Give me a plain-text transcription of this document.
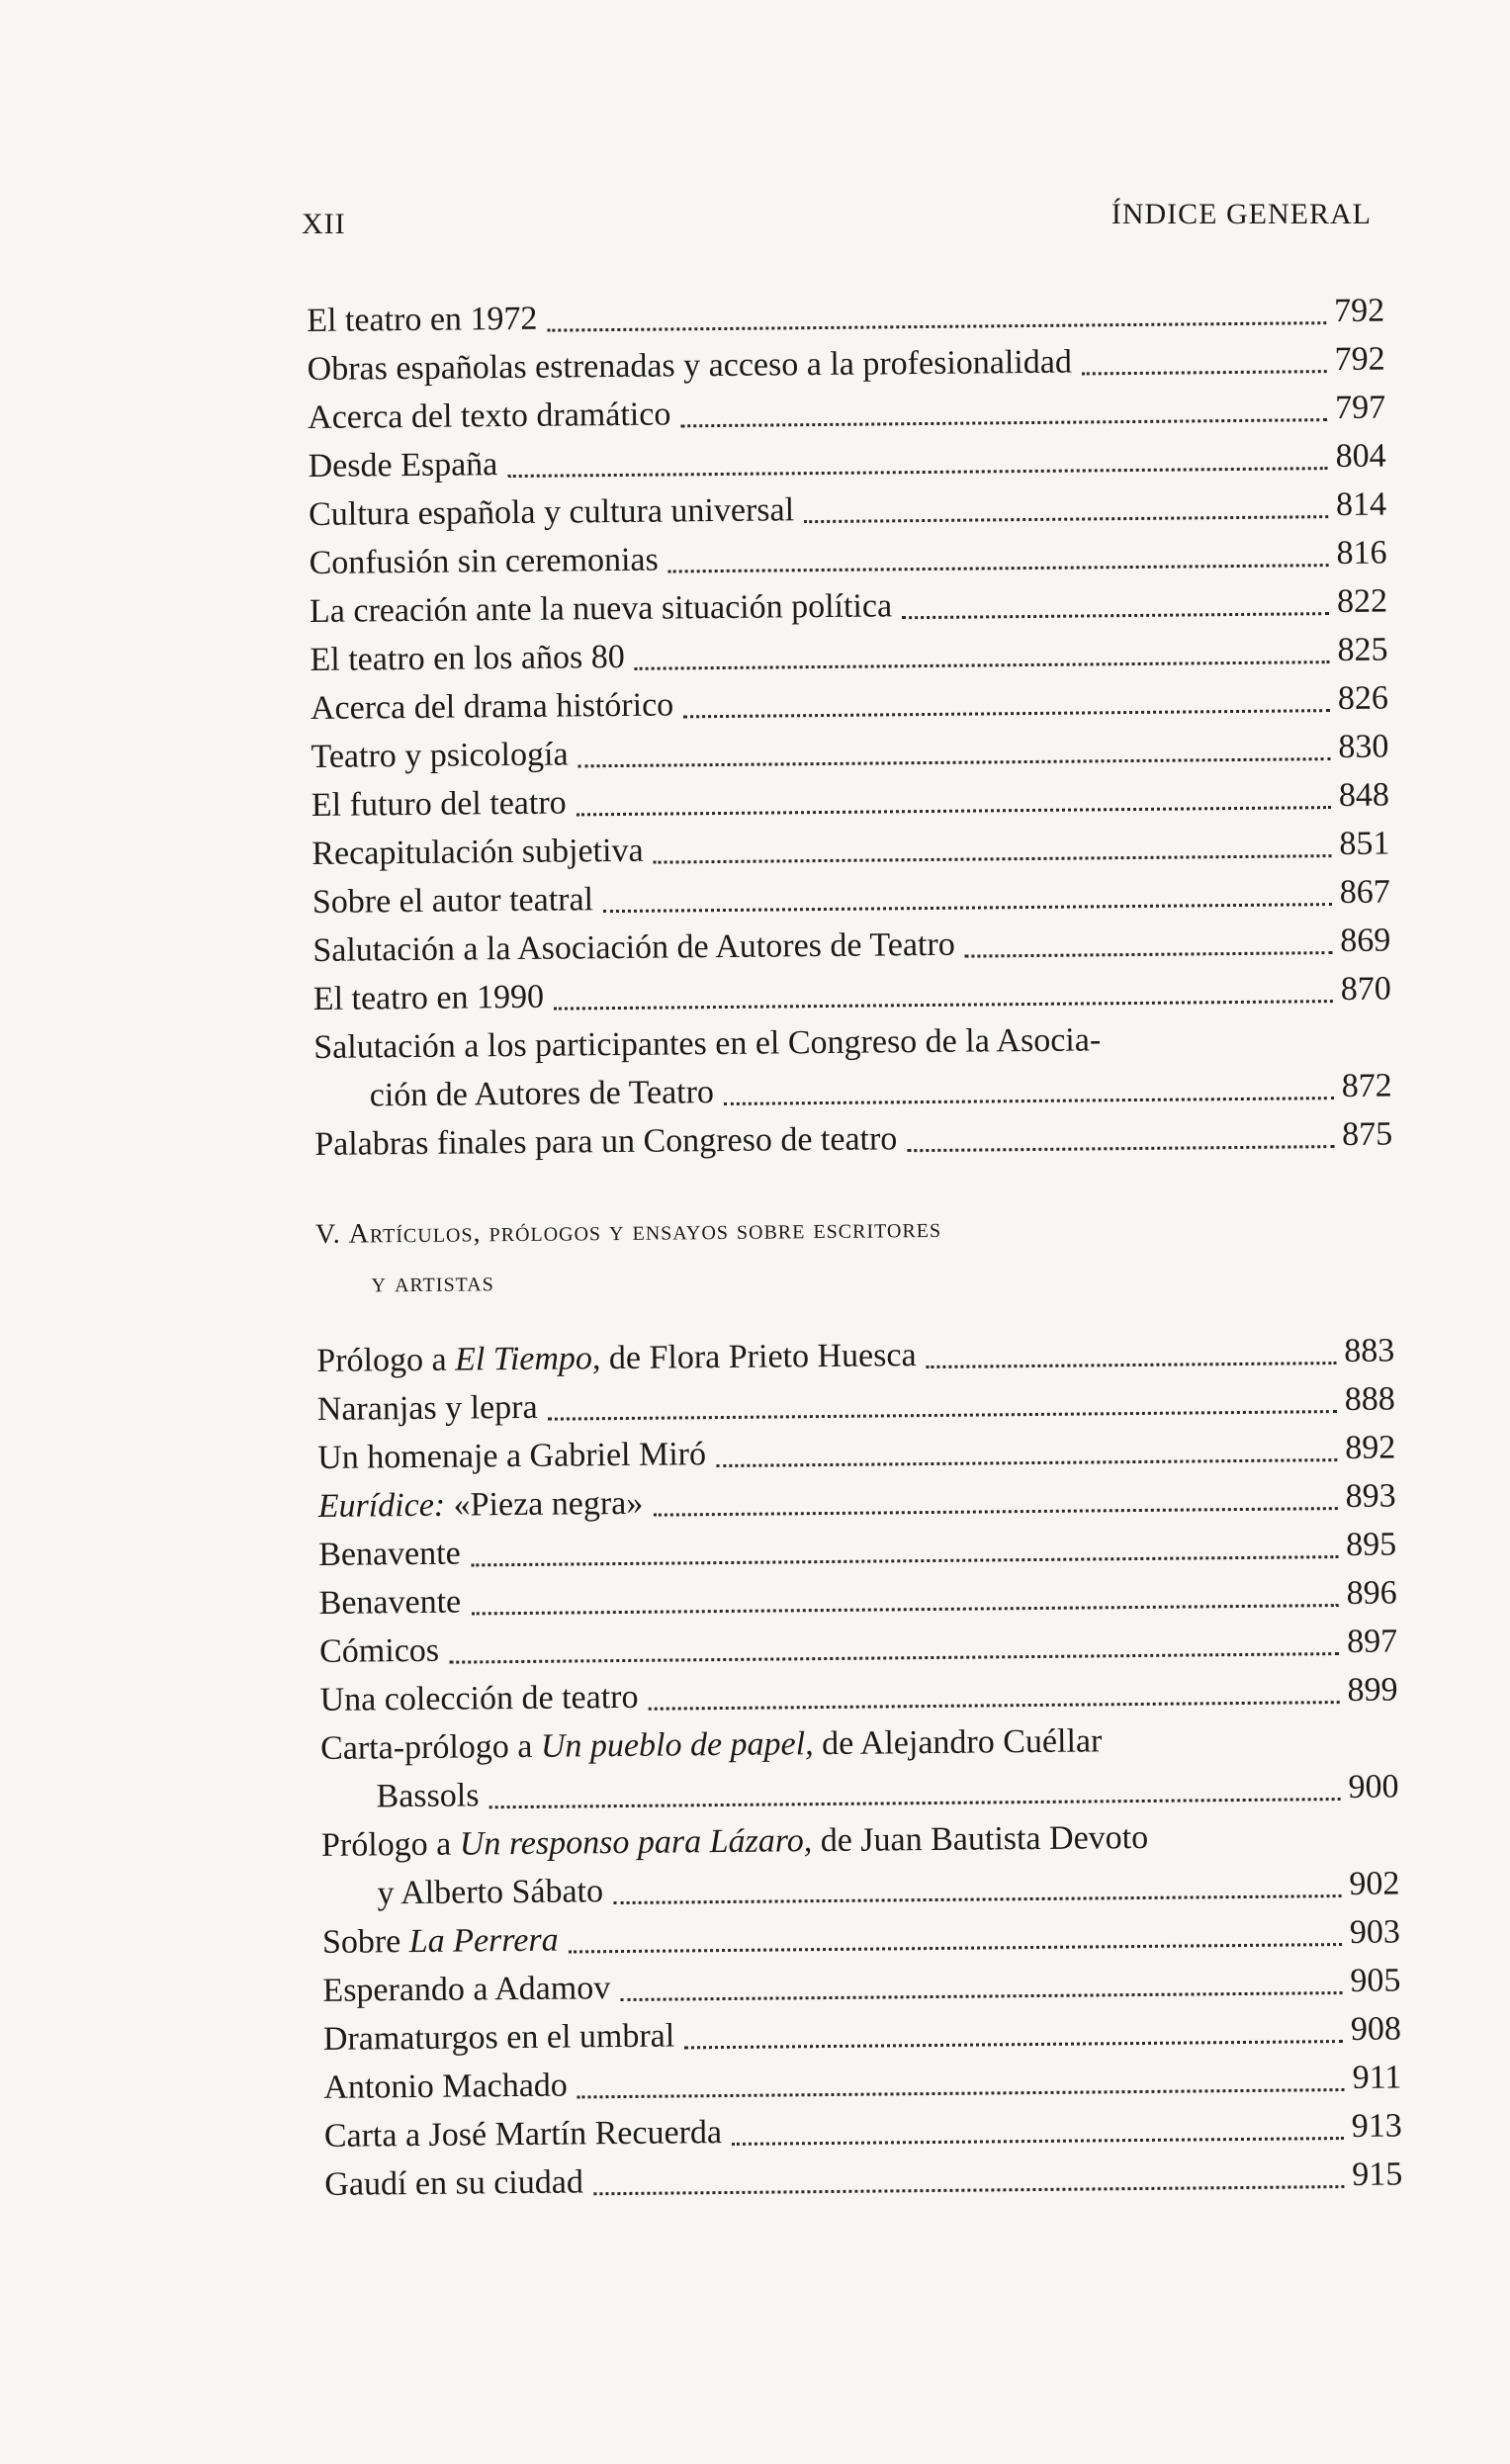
XII	ÍNDICE GENERAL
El teatro en 1972	792
Obras españolas estrenadas y acceso a la profesionalidad	792
Acerca del texto dramático	797
Desde España	804
Cultura española y cultura universal	814
Confusión sin ceremonias	816
La creación ante la nueva situación política	822
El teatro en los años 80	825
Acerca del drama histórico	826
Teatro y psicología	830
El futuro del teatro	848
Recapitulación subjetiva	851
Sobre el autor teatral	867
Salutación a la Asociación de Autores de Teatro	869
El teatro en 1990	870
Salutación a los participantes en el Congreso de la Asocia-
ción de Autores de Teatro	872
Palabras finales para un Congreso de teatro	875
V. Artículos, prólogos y ensayos sobre escritores
y artistas
Prólogo a El Tiempo, de Flora Prieto Huesca	883
Naranjas y lepra	888
Un homenaje a Gabriel Miró	892
Eurídice: «Pieza negra»	893
Benavente	895
Benavente	896
Cómicos	897
Una colección de teatro	899
Carta-prólogo a Un pueblo de papel, de Alejandro Cuéllar
Bassols	900
Prólogo a Un responso para Lázaro, de Juan Bautista Devoto
y Alberto Sábato	902
Sobre La Perrera	903
Esperando a Adamov	905
Dramaturgos en el umbral	908
Antonio Machado	911
Carta a José Martín Recuerda	913
Gaudí en su ciudad	915
